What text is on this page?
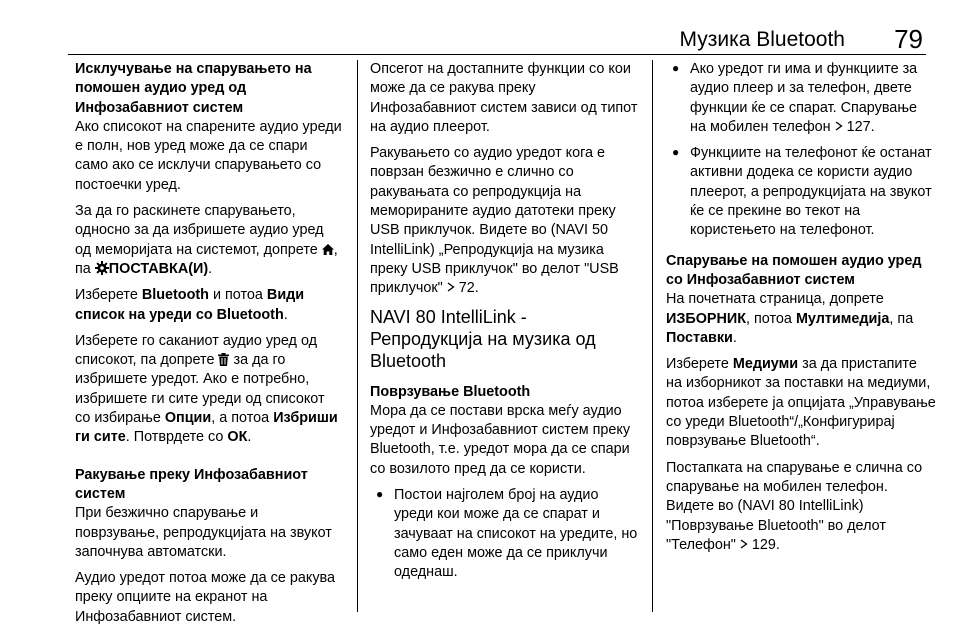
Музика Bluetooth 79
Исклучување на спарувањето на помошен аудио уред од Инфозабавниот систем

Ако списокот на спарените аудио уреди е полн, нов уред може да се спари само ако се исклучи спарувањето со постоечки уред.

За да го раскинете спарувањето, односно за да избришете аудио уред од меморијата на системот, допрете , па ПОСТАВКА(И).

Изберете Bluetooth и потоа Види список на уреди со Bluetooth.

Изберете го саканиот аудио уред од списокот, па допрете  за да го избришете уредот. Ако е потребно, избришете ги сите уреди од списокот со избирање Опции, а потоа Избриши ги сите. Потврдете со ОК.

Ракување преку Инфозабавниот систем

При безжично спарување и поврзување, репродукцијата на звукот започнува автоматски.

Аудио уредот потоа може да се ракува преку опциите на екранот на Инфозабавниот систем.

Опсегот на достапните функции со кои може да се ракува преку Инфозабавниот систем зависи од типот на аудио плеерот.

Ракувањето со аудио уредот кога е поврзан безжично е слично со ракувањата со репродукција на меморираните аудио датотеки преку USB приклучок. Видете во (NAVI 50 IntelliLink) „Репродукција на музика преку USB приклучок" во делот "USB приклучок"  72.

NAVI 80 IntelliLink - Репродукција на музика од Bluetooth
Поврзување Bluetooth

Мора да се постави врска меѓу аудио уредот и Инфозабавниот систем преку Bluetooth, т.е. уредот мора да се спари со возилото пред да се користи.

● Постои најголем број на аудио уреди кои може да се спарат и зачуваат на списокот на уредите, но само еден може да се приклучи одеднаш.
● Ако уредот ги има и функциите за аудио плеер и за телефон, двете функции ќе се спарат. Спарување на мобилен телефон  127.
● Функциите на телефонот ќе останат активни додека се користи аудио плеерот, а репродукцијата на звукот ќе се прекине во текот на користењето на телефонот.
Спарување на помошен аудио уред со Инфозабавниот систем

На почетната страница, допрете ИЗБОРНИК, потоа Мултимедија, па Поставки.

Изберете Медиуми за да пристапите на изборникот за поставки на медиуми, потоа изберете ја опцијата „Управување со уреди Bluetooth“/„Конфигурирај поврзување Bluetooth“.

Постапката на спарување е слична со спарување на мобилен телефон. Видете во (NAVI 80 IntelliLink) "Поврзување Bluetooth" во делот "Телефон"  129.
